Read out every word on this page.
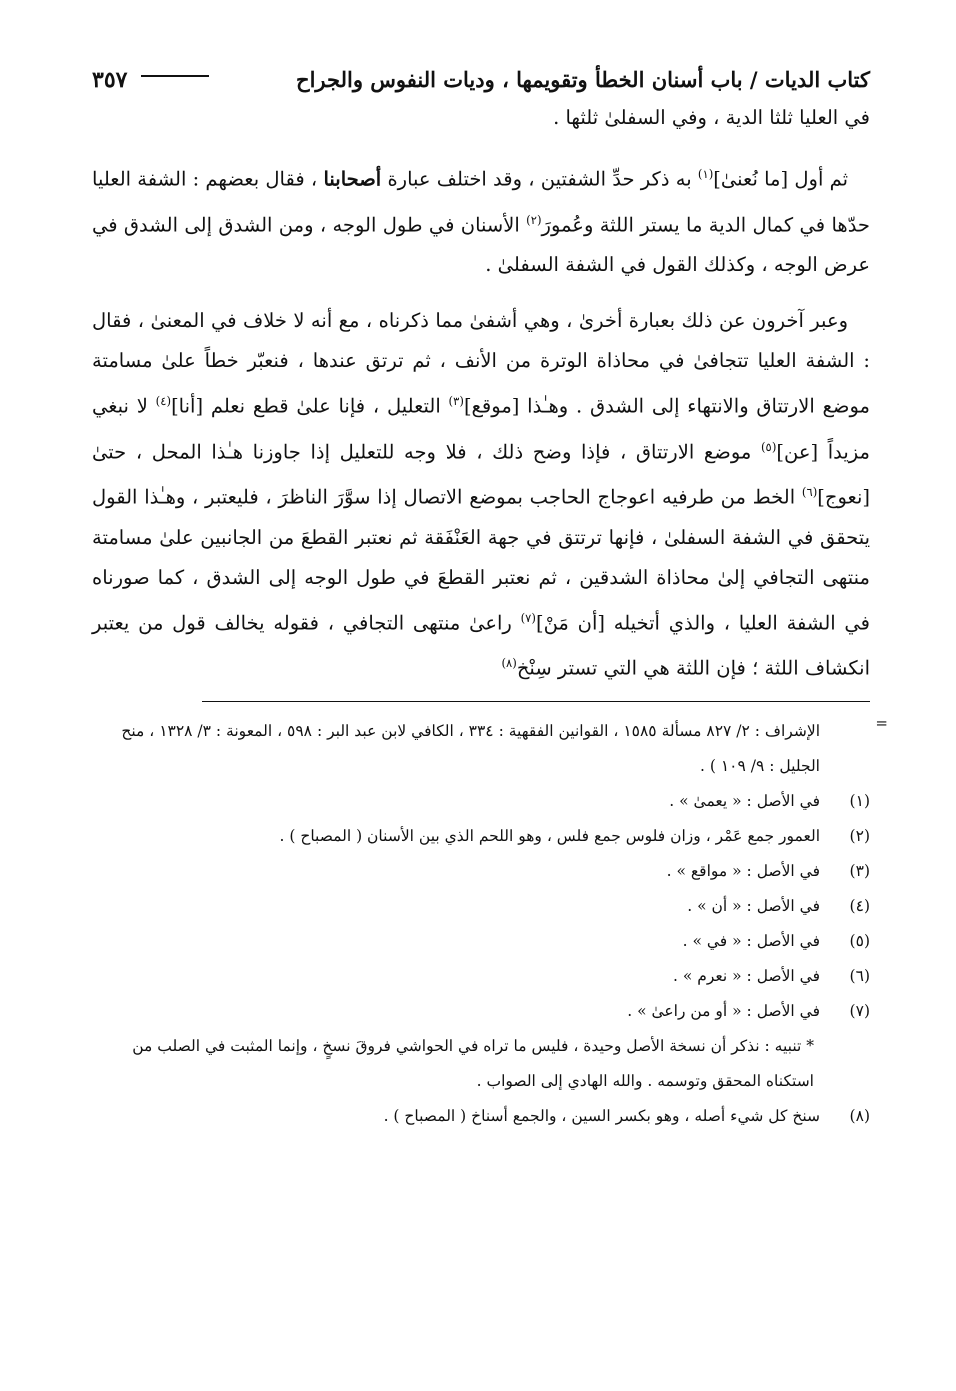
كتاب الديات / باب أسنان الخطأ وتقويمها ، وديات النفوس والجراح
٣٥٧

في العليا ثلثا الدية ، وفي السفلىٰ ثلثها .

ثم أول [ما نُعنىٰ]$^{(١)}$ به ذكر حدِّ الشفتين ، وقد اختلف عبارة أصحابنا ، فقال بعضهم : الشفة العليا حدّها في كمال الدية ما يستر اللثة وعُمورَ$^{(٢)}$ الأسنان في طول الوجه ، ومن الشدق إلى الشدق في عرض الوجه ، وكذلك القول في الشفة السفلىٰ .

وعبر آخرون عن ذلك بعبارة أخرىٰ ، وهي أشفىٰ مما ذكرناه ، مع أنه لا خلاف في المعنىٰ ، فقال : الشفة العليا تتجافىٰ في محاذاة الوترة من الأنف ، ثم ترتق عندها ، فنعبّر خطاً علىٰ مسامتة موضع الارتتاق والانتهاء إلى الشدق . وهـٰذا [موقع]$^{(٣)}$ التعليل ، فإنا علىٰ قطع نعلم [أنا]$^{(٤)}$ لا نبغي مزيداً [عن]$^{(٥)}$ موضع الارتتاق ، فإذا وضح ذلك ، فلا وجه للتعليل إذا جاوزنا هـٰذا المحل ، حتىٰ [نعوج]$^{(٦)}$ الخط من طرفيه اعوجاج الحاجب بموضع الاتصال إذا سوَّرَ الناظرَ ، فليعتبر ، وهـٰذا القول يتحقق في الشفة السفلىٰ ، فإنها ترتتق في جهة العَنْفَقة ثم نعتبر القطعَ من الجانبين علىٰ مسامتة منتهى التجافي إلىٰ محاذاة الشدقين ، ثم نعتبر القطعَ في طول الوجه إلى الشدق ، كما صورناه في الشفة العليا ، والذي أتخيله [أن مَنْ]$^{(٧)}$ راعىٰ منتهى التجافي ، فقوله يخالف قول من يعتبر انكشاف اللثة ؛ فإن اللثة هي التي تستر سِنْخ$^{(٨)}$

=
الإشراف : ٢/ ٨٢٧ مسألة ١٥٨٥ ، القوانين الفقهية : ٣٣٤ ، الكافي لابن عبد البر : ٥٩٨ ، المعونة : ٣/ ١٣٢٨ ، منح الجليل : ٩/ ١٠٩ ) .
(١)
في الأصل : « يعمىٰ » .
(٢)
العمور جمع عَمْر ، وزان فلوس جمع فلس ، وهو اللحم الذي بين الأسنان ( المصباح ) .
(٣)
في الأصل : « مواقع » .
(٤)
في الأصل : « أن » .
(٥)
في الأصل : « في » .
(٦)
في الأصل : « نعرم » .
(٧)
في الأصل : « أو من راعىٰ » .
* تنبيه : نذكر أن نسخة الأصل وحيدة ، فليس ما تراه في الحواشي فروقَ نسخٍ ، وإنما المثبت في الصلب من استكناه المحقق وتوسمه . والله الهادي إلى الصواب .
(٨)
سنخ كل شيء أصله ، وهو بكسر السين ، والجمع أسناخ ( المصباح ) .
